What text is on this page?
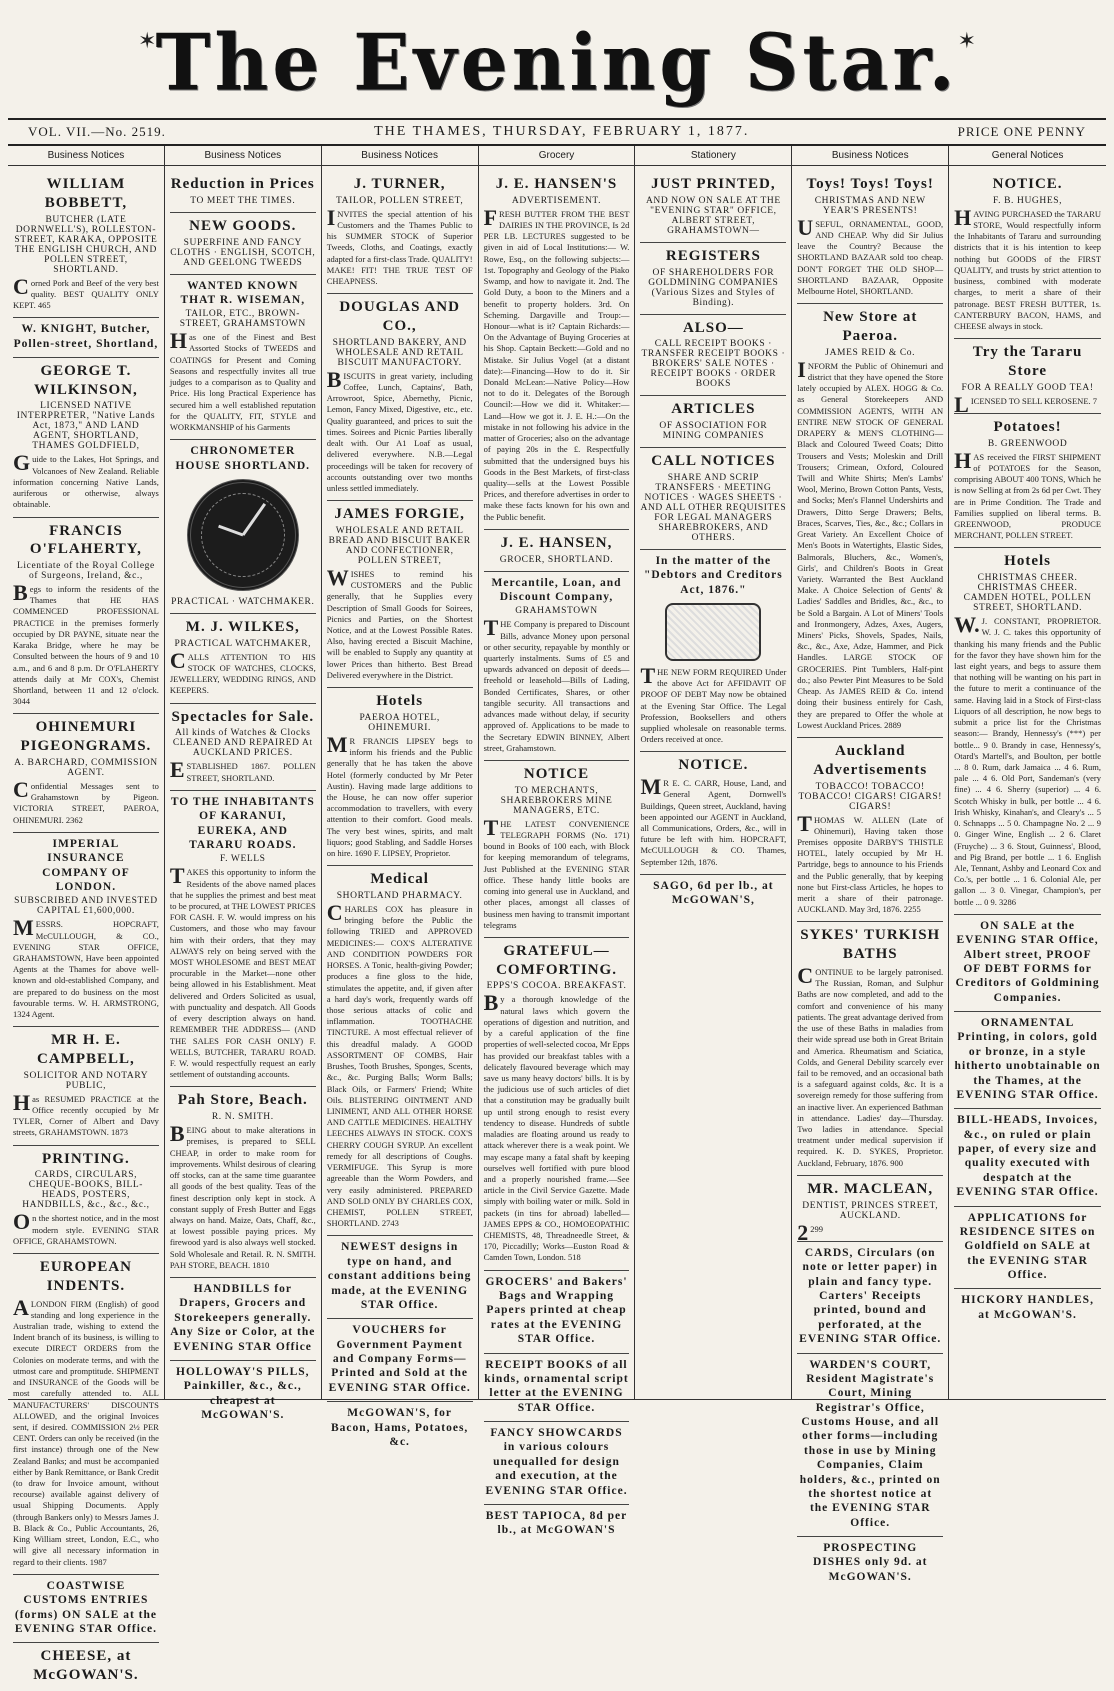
✶ The Evening Star. ✶
VOL. VII.—No. 2519.	THE THAMES, THURSDAY, FEBRUARY 1, 1877.	PRICE ONE PENNY
Business Notices
WILLIAM BOBBETT,
BUTCHER (LATE DORNWELL'S), ROLLESTON-STREET, KARAKA, OPPOSITE THE ENGLISH CHURCH, AND POLLEN STREET, SHORTLAND.
Corned Pork and Beef of the very best quality. BEST QUALITY ONLY KEPT. 465
W. KNIGHT, Butcher, Pollen-street, Shortland,
GEORGE T. WILKINSON,
LICENSED NATIVE INTERPRETER, "Native Lands Act, 1873," AND LAND AGENT, SHORTLAND, THAMES GOLDFIELD,
Guide to the Lakes, Hot Springs, and Volcanoes of New Zealand. Reliable information concerning Native Lands, auriferous or otherwise, always obtainable.
FRANCIS O'FLAHERTY,
Licentiate of the Royal College of Surgeons, Ireland, &c.,
Begs to inform the residents of the Thames that HE HAS COMMENCED PROFESSIONAL PRACTICE in the premises formerly occupied by DR PAYNE, situate near the Karaka Bridge, where he may be Consulted between the hours of 9 and 10 a.m., and 6 and 8 p.m. Dr O'FLAHERTY attends daily at Mr COX's, Chemist Shortland, between 11 and 12 o'clock. 3044
OHINEMURI PIGEONGRAMS.
A. BARCHARD, COMMISSION AGENT.
Confidential Messages sent to Grahamstown by Pigeon. VICTORIA STREET, PAEROA, OHINEMURI. 2362
IMPERIAL INSURANCE COMPANY OF LONDON.
SUBSCRIBED AND INVESTED CAPITAL £1,600,000.
MESSRS. HOPCRAFT, McCULLOUGH, & CO., EVENING STAR OFFICE, GRAHAMSTOWN, Have been appointed Agents at the Thames for above well-known and old-established Company, and are prepared to do business on the most favourable terms. W. H. ARMSTRONG, 1324 Agent.
MR H. E. CAMPBELL,
SOLICITOR AND NOTARY PUBLIC,
Has RESUMED PRACTICE at the Office recently occupied by Mr TYLER, Corner of Albert and Davy streets, GRAHAMSTOWN. 1873
PRINTING.
CARDS, CIRCULARS, CHEQUE-BOOKS, BILL-HEADS, POSTERS, HANDBILLS, &c., &c., &c.,
On the shortest notice, and in the most modern style. EVENING STAR OFFICE, GRAHAMSTOWN.
EUROPEAN INDENTS.
ALONDON FIRM (English) of good standing and long experience in the Australian trade, wishing to extend the Indent branch of its business, is willing to execute DIRECT ORDERS from the Colonies on moderate terms, and with the utmost care and promptitude. SHIPMENT and INSURANCE of the Goods will be most carefully attended to. ALL MANUFACTURERS' DISCOUNTS ALLOWED, and the original Invoices sent, if desired. COMMISSION 2½ PER CENT. Orders can only be received (in the first instance) through one of the New Zealand Banks; and must be accompanied either by Bank Remittance, or Bank Credit (to draw for Invoice amount, without recourse) available against delivery of usual Shipping Documents. Apply (through Bankers only) to Messrs James J. B. Black & Co., Public Accountants, 26, King William street, London, E.C., who will give all necessary information in regard to their clients. 1987
COASTWISE CUSTOMS ENTRIES (forms) ON SALE at the EVENING STAR Office.
CHEESE, at McGOWAN'S.
Business Notices
Reduction in Prices
TO MEET THE TIMES.
NEW GOODS.
SUPERFINE AND FANCY CLOTHS · ENGLISH, SCOTCH, AND GEELONG TWEEDS
WANTED KNOWN THAT R. WISEMAN,
TAILOR, ETC., BROWN-STREET, GRAHAMSTOWN
Has one of the Finest and Best Assorted Stocks of TWEEDS and COATINGS for Present and Coming Seasons and respectfully invites all true judges to a comparison as to Quality and Price. His long Practical Experience has secured him a well established reputation for the QUALITY, FIT, STYLE and WORKMANSHIP of his Garments
CHRONOMETER HOUSE SHORTLAND.
PRACTICAL · WATCHMAKER.
M. J. WILKES,
PRACTICAL WATCHMAKER,
CALLS ATTENTION TO HIS STOCK OF WATCHES, CLOCKS, JEWELLERY, WEDDING RINGS, AND KEEPERS.
Spectacles for Sale.
All kinds of Watches & Clocks CLEANED AND REPAIRED At AUCKLAND PRICES.
ESTABLISHED 1867. POLLEN STREET, SHORTLAND.
TO THE INHABITANTS OF KARANUI, EUREKA, AND TARARU ROADS.
F. WELLS
TAKES this opportunity to inform the Residents of the above named places that he supplies the primest and best meat to be procured, at THE LOWEST PRICES FOR CASH. F. W. would impress on his Customers, and those who may favour him with their orders, that they may ALWAYS rely on being served with the MOST WHOLESOME and BEST MEAT procurable in the Market—none other being allowed in his Establishment. Meat delivered and Orders Solicited as usual, with punctuality and despatch. All Goods of every description always on hand. REMEMBER THE ADDRESS— (AND THE SALES FOR CASH ONLY) F. WELLS, BUTCHER, TARARU ROAD. F. W. would respectfully request an early settlement of outstanding accounts.
Pah Store, Beach.
R. N. SMITH.
BEING about to make alterations in premises, is prepared to SELL CHEAP, in order to make room for improvements. Whilst desirous of clearing off stocks, can at the same time guarantee all goods of the best quality. Teas of the finest description only kept in stock. A constant supply of Fresh Butter and Eggs always on hand. Maize, Oats, Chaff, &c., at lowest possible paying prices. My firewood yard is also always well stocked. Sold Wholesale and Retail. R. N. SMITH. PAH STORE, BEACH. 1810
HANDBILLS for Drapers, Grocers and Storekeepers generally. Any Size or Color, at the EVENING STAR Office
HOLLOWAY'S PILLS, Painkiller, &c., &c., cheapest at McGOWAN'S.
Business Notices
J. TURNER,
TAILOR, POLLEN STREET,
INVITES the special attention of his Customers and the Thames Public to his SUMMER STOCK of Superior Tweeds, Cloths, and Coatings, exactly adapted for a first-class Trade. QUALITY! MAKE! FIT! THE TRUE TEST OF CHEAPNESS.
DOUGLAS AND CO.,
SHORTLAND BAKERY, AND WHOLESALE AND RETAIL BISCUIT MANUFACTORY.
BISCUITS in great variety, including Coffee, Lunch, Captains', Bath, Arrowroot, Spice, Abernethy, Picnic, Lemon, Fancy Mixed, Digestive, etc., etc. Quality guaranteed, and prices to suit the times. Soirees and Picnic Parties liberally dealt with. Our A1 Loaf as usual, delivered everywhere. N.B.—Legal proceedings will be taken for recovery of accounts outstanding over two months unless settled immediately.
JAMES FORGIE,
WHOLESALE AND RETAIL BREAD AND BISCUIT BAKER AND CONFECTIONER, POLLEN STREET,
WISHES to remind his CUSTOMERS and the Public generally, that he Supplies every Description of Small Goods for Soirees, Picnics and Parties, on the Shortest Notice, and at the Lowest Possible Rates. Also, having erected a Biscuit Machine, will be enabled to Supply any quantity at lower Prices than hitherto. Best Bread Delivered everywhere in the District.
Hotels
PAEROA HOTEL, OHINEMURI.
MR FRANCIS LIPSEY begs to inform his friends and the Public generally that he has taken the above Hotel (formerly conducted by Mr Peter Austin). Having made large additions to the House, he can now offer superior accommodation to travellers, with every attention to their comfort. Good meals. The very best wines, spirits, and malt liquors; good Stabling, and Saddle Horses on hire. 1690 F. LIPSEY, Proprietor.
Medical
SHORTLAND PHARMACY.
CHARLES COX has pleasure in bringing before the Public the following TRIED and APPROVED MEDICINES:— COX'S ALTERATIVE AND CONDITION POWDERS FOR HORSES. A Tonic, health-giving Powder; produces a fine gloss to the hide, stimulates the appetite, and, if given after a hard day's work, frequently wards off those serious attacks of colic and inflammation. TOOTHACHE TINCTURE. A most effectual reliever of this dreadful malady. A GOOD ASSORTMENT OF COMBS, Hair Brushes, Tooth Brushes, Sponges, Scents, &c., &c. Purging Balls; Worm Balls; Black Oils, or Farmers' Friend; White Oils. BLISTERING OINTMENT AND LINIMENT, AND ALL OTHER HORSE AND CATTLE MEDICINES. HEALTHY LEECHES ALWAYS IN STOCK. COX'S CHERRY COUGH SYRUP. An excellent remedy for all descriptions of Coughs. VERMIFUGE. This Syrup is more agreeable than the Worm Powders, and very easily administered. PREPARED AND SOLD ONLY BY CHARLES COX, CHEMIST, POLLEN STREET, SHORTLAND. 2743
NEWEST designs in type on hand, and constant additions being made, at the EVENING STAR Office.
VOUCHERS for Government Payment and Company Forms—Printed and Sold at the EVENING STAR Office.
McGOWAN'S, for Bacon, Hams, Potatoes, &c.
Grocery
J. E. HANSEN'S
ADVERTISEMENT.
FRESH BUTTER FROM THE BEST DAIRIES IN THE PROVINCE, Is 2d PER LB. LECTURES suggested to be given in aid of Local Institutions:— W. Rowe, Esq., on the following subjects:—1st. Topography and Geology of the Piako Swamp, and how to navigate it. 2nd. The Gold Duty, a boon to the Miners and a benefit to property holders. 3rd. On Scheming. Dargaville and Troup:—Honour—what is it? Captain Richards:—On the Advantage of Buying Groceries at his Shop. Captain Beckett:—Gold and no Mistake. Sir Julius Vogel (at a distant date):—Financing—How to do it. Sir Donald McLean:—Native Policy—How not to do it. Delegates of the Borough Council:—How we did it. Whitaker:—Land—How we got it. J. E. H.:—On the mistake in not following his advice in the matter of Groceries; also on the advantage of paying 20s in the £. Respectfully submitted that the undersigned buys his Goods in the Best Markets, of first-class quality—sells at the Lowest Possible Prices, and therefore advertises in order to make these facts known for his own and the Public benefit.
J. E. HANSEN,
GROCER, SHORTLAND.
Mercantile, Loan, and Discount Company,
GRAHAMSTOWN
THE Company is prepared to Discount Bills, advance Money upon personal or other security, repayable by monthly or quarterly instalments. Sums of £5 and upwards advanced on deposit of deeds—freehold or leasehold—Bills of Lading, Bonded Certificates, Shares, or other tangible security. All transactions and advances made without delay, if security approved of. Applications to be made to the Secretary EDWIN BINNEY, Albert street, Grahamstown.
NOTICE
TO MERCHANTS, SHAREBROKERS MINE MANAGERS, ETC.
THE LATEST CONVENIENCE TELEGRAPH FORMS (No. 171) bound in Books of 100 each, with Block for keeping memorandum of telegrams, Just Published at the EVENING STAR office. These handy little books are coming into general use in Auckland, and other places, amongst all classes of business men having to transmit important telegrams
GRATEFUL—COMFORTING.
EPPS'S COCOA. BREAKFAST.
By a thorough knowledge of the natural laws which govern the operations of digestion and nutrition, and by a careful application of the fine properties of well-selected cocoa, Mr Epps has provided our breakfast tables with a delicately flavoured beverage which may save us many heavy doctors' bills. It is by the judicious use of such articles of diet that a constitution may be gradually built up until strong enough to resist every tendency to disease. Hundreds of subtle maladies are floating around us ready to attack wherever there is a weak point. We may escape many a fatal shaft by keeping ourselves well fortified with pure blood and a properly nourished frame.—See article in the Civil Service Gazette. Made simply with boiling water or milk. Sold in packets (in tins for abroad) labelled— JAMES EPPS & CO., HOMOEOPATHIC CHEMISTS, 48, Threadneedle Street, & 170, Piccadilly; Works—Euston Road & Camden Town, London. 518
GROCERS' and Bakers' Bags and Wrapping Papers printed at cheap rates at the EVENING STAR Office.
RECEIPT BOOKS of all kinds, ornamental script letter at the EVENING STAR Office.
FANCY SHOWCARDS in various colours unequalled for design and execution, at the EVENING STAR Office.
BEST TAPIOCA, 8d per lb., at McGOWAN'S
Stationery
JUST PRINTED,
AND NOW ON SALE AT THE "EVENING STAR" OFFICE, ALBERT STREET, GRAHAMSTOWN—
REGISTERS
OF SHAREHOLDERS FOR GOLDMINING COMPANIES (Various Sizes and Styles of Binding).
ALSO—
CALL RECEIPT BOOKS · TRANSFER RECEIPT BOOKS · BROKERS' SALE NOTES · RECEIPT BOOKS · ORDER BOOKS
ARTICLES
OF ASSOCIATION FOR MINING COMPANIES
CALL NOTICES
SHARE AND SCRIP TRANSFERS · MEETING NOTICES · WAGES SHEETS · AND ALL OTHER REQUISITES FOR LEGAL MANAGERS SHAREBROKERS, AND OTHERS.
In the matter of the "Debtors and Creditors Act, 1876."
THE NEW FORM REQUIRED Under the above Act for AFFIDAVIT OF PROOF OF DEBT May now be obtained at the Evening Star Office. The Legal Profession, Booksellers and others supplied wholesale on reasonable terms. Orders received at once.
NOTICE.
MR E. C. CARR, House, Land, and General Agent, Dornwell's Buildings, Queen street, Auckland, having been appointed our AGENT in Auckland, all Communications, Orders, &c., will in future be left with him. HOPCRAFT, McCULLOUGH & CO. Thames, September 12th, 1876.
SAGO, 6d per lb., at McGOWAN'S,
Business Notices
Toys! Toys! Toys!
CHRISTMAS AND NEW YEAR'S PRESENTS!
USEFUL, ORNAMENTAL, GOOD, AND CHEAP. Why did Sir Julius leave the Country? Because the SHORTLAND BAZAAR sold too cheap. DON'T FORGET THE OLD SHOP— SHORTLAND BAZAAR, Opposite Melbourne Hotel, SHORTLAND.
New Store at Paeroa.
JAMES REID & Co.
INFORM the Public of Ohinemuri and district that they have opened the Store lately occupied by ALEX. HOGG & Co. as General Storekeepers AND COMMISSION AGENTS, WITH AN ENTIRE NEW STOCK OF GENERAL DRAPERY & MEN'S CLOTHING— Black and Coloured Tweed Coats; Ditto Trousers and Vests; Moleskin and Drill Trousers; Crimean, Oxford, Coloured Twill and White Shirts; Men's Lambs' Wool, Merino, Brown Cotton Pants, Vests, and Socks; Men's Flannel Undershirts and Drawers, Ditto Serge Drawers; Belts, Braces, Scarves, Ties, &c., &c.; Collars in Great Variety. An Excellent Choice of Men's Boots in Watertights, Elastic Sides, Balmorals, Bluchers, &c., Women's, Girls', and Children's Boots in Great Variety. Warranted the Best Auckland Make. A Choice Selection of Gents' & Ladies' Saddles and Bridles, &c., &c., to be Sold a Bargain. A Lot of Miners' Tools and Ironmongery, Adzes, Axes, Augers, Miners' Picks, Shovels, Spades, Nails, &c., &c., Axe, Adze, Hammer, and Pick Handles. LARGE STOCK OF GROCERIES. Pint Tumblers, Half-pint do.; also Pewter Pint Measures to be Sold Cheap. As JAMES REID & Co. intend doing their business entirely for Cash, they are prepared to Offer the whole at Lowest Auckland Prices. 2889
Auckland Advertisements
TOBACCO! TOBACCO! TOBACCO! CIGARS! CIGARS! CIGARS!
THOMAS W. ALLEN (Late of Ohinemuri), Having taken those Premises opposite DARBY'S THISTLE HOTEL, lately occupied by Mr H. Partridge, begs to announce to his Friends and the Public generally, that by keeping none but First-class Articles, he hopes to merit a share of their patronage. AUCKLAND. May 3rd, 1876. 2255
SYKES' TURKISH BATHS
CONTINUE to be largely patronised. The Russian, Roman, and Sulphur Baths are now completed, and add to the comfort and convenience of his many patients. The great advantage derived from the use of these Baths in maladies from their wide spread use both in Great Britain and America. Rheumatism and Sciatica, Colds, and General Debility scarcely ever fail to be removed, and an occasional bath is a safeguard against colds, &c. It is a sovereign remedy for those suffering from an inactive liver. An experienced Bathman in attendance. Ladies' day—Thursday. Two ladies in attendance. Special treatment under medical supervision if required. K. D. SYKES, Proprietor. Auckland, February, 1876. 900
MR. MACLEAN,
DENTIST, PRINCES STREET, AUCKLAND.
2299
CARDS, Circulars (on note or letter paper) in plain and fancy type. Carters' Receipts printed, bound and perforated, at the EVENING STAR Office.
WARDEN'S COURT, Resident Magistrate's Court, Mining Registrar's Office, Customs House, and all other forms—including those in use by Mining Companies, Claim holders, &c., printed on the shortest notice at the EVENING STAR Office.
PROSPECTING DISHES only 9d. at McGOWAN'S.
General Notices
NOTICE.
F. B. HUGHES,
HAVING PURCHASED the TARARU STORE, Would respectfully inform the Inhabitants of Tararu and surrounding districts that it is his intention to keep nothing but GOODS of the FIRST QUALITY, and trusts by strict attention to business, combined with moderate charges, to merit a share of their patronage. BEST FRESH BUTTER, 1s. CANTERBURY BACON, HAMS, and CHEESE always in stock.
Try the Tararu Store
FOR A REALLY GOOD TEA!
LICENSED TO SELL KEROSENE. 7
Potatoes!
B. GREENWOOD
HAS received the FIRST SHIPMENT of POTATOES for the Season, comprising ABOUT 400 TONS, Which he is now Selling at from 2s 6d per Cwt. They are in Prime Condition. The Trade and Families supplied on liberal terms. B. GREENWOOD, PRODUCE MERCHANT, POLLEN STREET.
Hotels
CHRISTMAS CHEER. CHRISTMAS CHEER. CAMDEN HOTEL, POLLEN STREET, SHORTLAND.
W.J. CONSTANT, PROPRIETOR. W. J. C. takes this opportunity of thanking his many friends and the Public for the favor they have shown him for the last eight years, and begs to assure them that nothing will be wanting on his part in the future to merit a continuance of the same. Having laid in a Stock of First-class Liquors of all description, he now begs to submit a price list for the Christmas season:— Brandy, Hennessy's (***) per bottle... 9 0. Brandy in case, Hennessy's, Otard's Martell's, and Boulton, per bottle ... 8 0. Rum, dark Jamaica ... 4 6. Rum, pale ... 4 6. Old Port, Sandeman's (very fine) ... 4 6. Sherry (superior) ... 4 6. Scotch Whisky in bulk, per bottle ... 4 6. Irish Whisky, Kinahan's, and Cleary's ... 5 0. Schnapps ... 5 0. Champagne No. 2 ... 9 0. Ginger Wine, English ... 2 6. Claret (Fruyche) ... 3 6. Stout, Guinness', Blood, and Pig Brand, per bottle ... 1 6. English Ale, Tennant, Ashby and Leonard Cox and Co.'s, per bottle ... 1 6. Colonial Ale, per gallon ... 3 0. Vinegar, Champion's, per bottle ... 0 9. 3286
ON SALE at the EVENING STAR Office, Albert street, PROOF OF DEBT FORMS for Creditors of Goldmining Companies.
ORNAMENTAL Printing, in colors, gold or bronze, in a style hitherto unobtainable on the Thames, at the EVENING STAR Office.
BILL-HEADS, Invoices, &c., on ruled or plain paper, of every size and quality executed with despatch at the EVENING STAR Office.
APPLICATIONS for RESIDENCE SITES on Goldfield on SALE at the EVENING STAR Office.
HICKORY HANDLES, at McGOWAN'S.
